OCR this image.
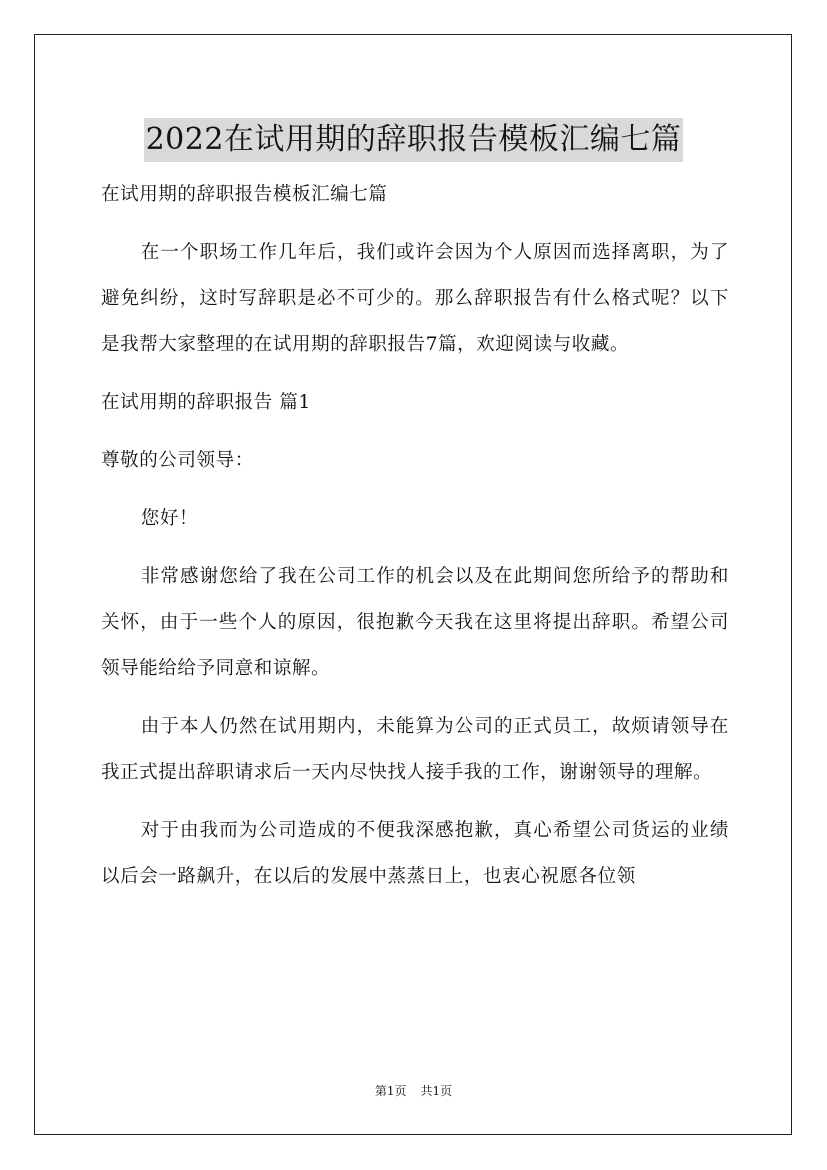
2022在试用期的辞职报告模板汇编七篇

在试用期的辞职报告模板汇编七篇

在一个职场工作几年后，我们或许会因为个人原因而选择离职，为了避免纠纷，这时写辞职是必不可少的。那么辞职报告有什么格式呢？以下是我帮大家整理的在试用期的辞职报告7篇，欢迎阅读与收藏。

在试用期的辞职报告 篇1

尊敬的公司领导：

您好！

非常感谢您给了我在公司工作的机会以及在此期间您所给予的帮助和关怀，由于一些个人的原因，很抱歉今天我在这里将提出辞职。希望公司领导能给给予同意和谅解。

由于本人仍然在试用期内，未能算为公司的正式员工，故烦请领导在我正式提出辞职请求后一天内尽快找人接手我的工作，谢谢领导的理解。

对于由我而为公司造成的不便我深感抱歉，真心希望公司货运的业绩以后会一路飙升，在以后的发展中蒸蒸日上，也衷心祝愿各位领

第1页 共1页
